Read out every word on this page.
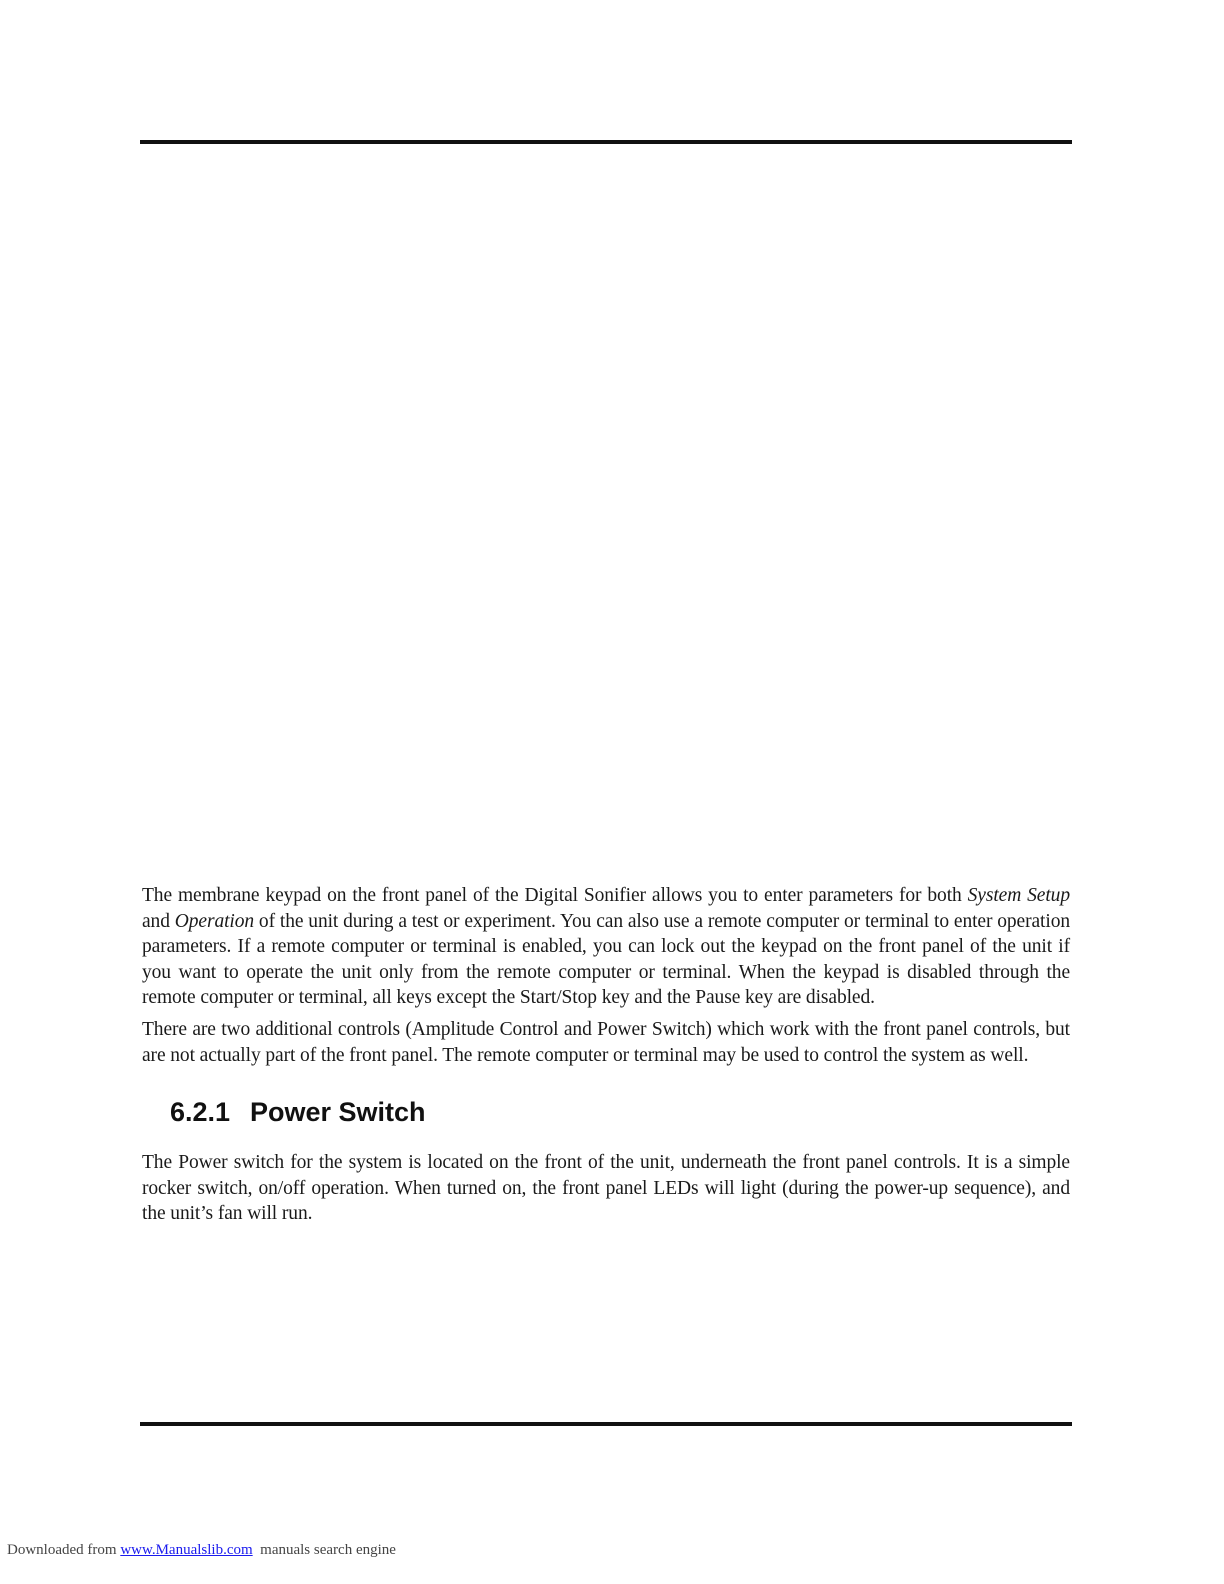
The membrane keypad on the front panel of the Digital Sonifier allows you to enter parameters for both System Setup and Operation of the unit during a test or experiment. You can also use a remote computer or terminal to enter operation parameters. If a remote computer or terminal is enabled, you can lock out the keypad on the front panel of the unit if you want to operate the unit only from the remote computer or terminal. When the keypad is disabled through the remote computer or terminal, all keys except the Start/Stop key and the Pause key are disabled.

There are two additional controls (Amplitude Control and Power Switch) which work with the front panel controls, but are not actually part of the front panel. The remote computer or terminal may be used to control the system as well.

6.2.1 Power Switch

The Power switch for the system is located on the front of the unit, underneath the front panel controls. It is a simple rocker switch, on/off operation. When turned on, the front panel LEDs will light (during the power-up sequence), and the unit’s fan will run.

Downloaded from www.Manualslib.com  manuals search engine
